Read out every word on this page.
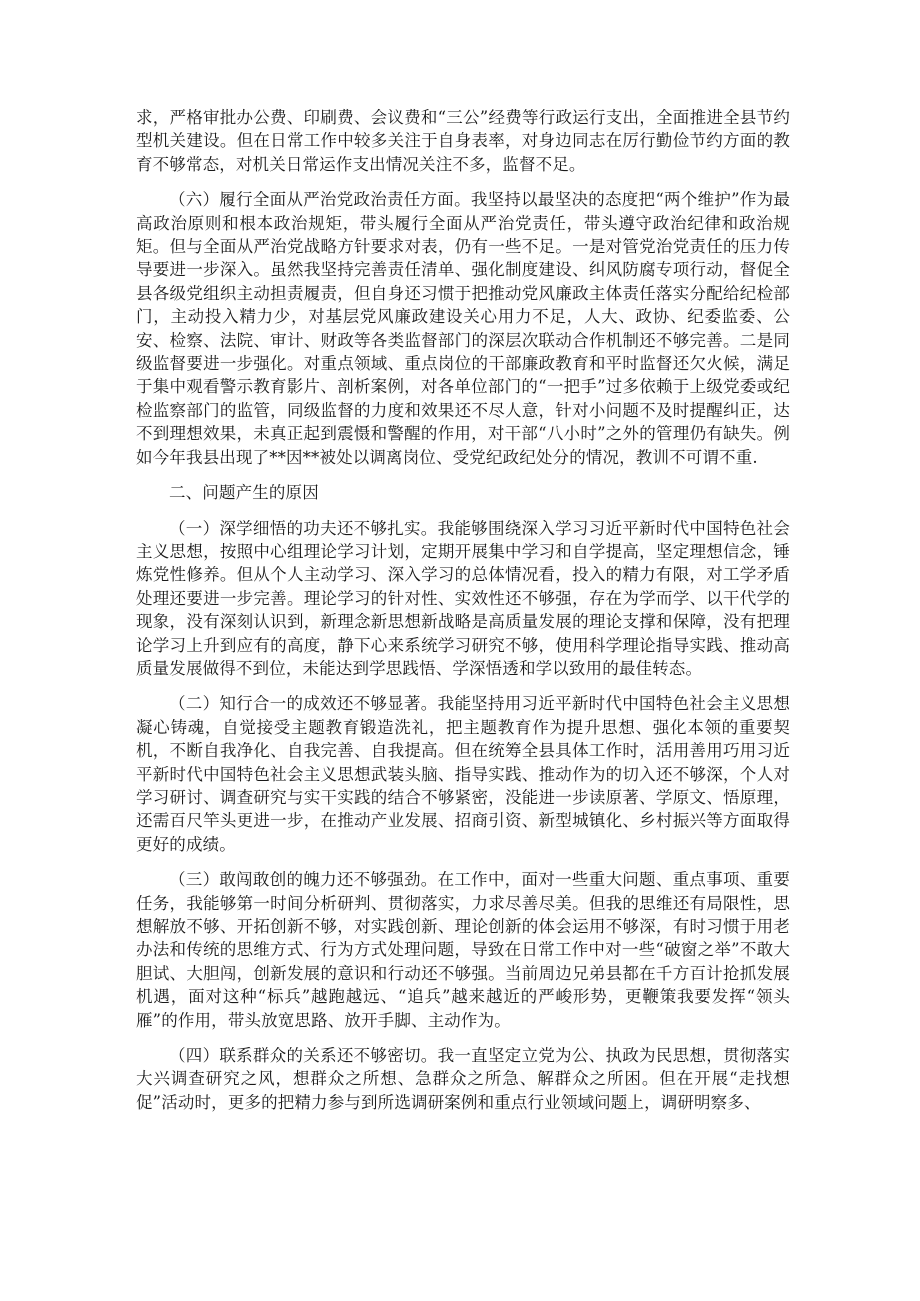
求，严格审批办公费、印刷费、会议费和“三公”经费等行政运行支出，全面推进全县节约型机关建设。但在日常工作中较多关注于自身表率，对身边同志在厉行勤俭节约方面的教育不够常态，对机关日常运作支出情况关注不多，监督不足。

（六）履行全面从严治党政治责任方面。我坚持以最坚决的态度把“两个维护”作为最高政治原则和根本政治规矩，带头履行全面从严治党责任，带头遵守政治纪律和政治规矩。但与全面从严治党战略方针要求对表，仍有一些不足。一是对管党治党责任的压力传导要进一步深入。虽然我坚持完善责任清单、强化制度建设、纠风防腐专项行动，督促全县各级党组织主动担责履责，但自身还习惯于把推动党风廉政主体责任落实分配给纪检部门，主动投入精力少，对基层党风廉政建设关心用力不足，人大、政协、纪委监委、公安、检察、法院、审计、财政等各类监督部门的深层次联动合作机制还不够完善。二是同级监督要进一步强化。对重点领域、重点岗位的干部廉政教育和平时监督还欠火候，满足于集中观看警示教育影片、剖析案例，对各单位部门的“一把手”过多依赖于上级党委或纪检监察部门的监管，同级监督的力度和效果还不尽人意，针对小问题不及时提醒纠正，达不到理想效果，未真正起到震慑和警醒的作用，对干部“八小时”之外的管理仍有缺失。例如今年我县出现了**因**被处以调离岗位、受党纪政纪处分的情况，教训不可谓不重.

二、问题产生的原因

（一）深学细悟的功夫还不够扎实。我能够围绕深入学习习近平新时代中国特色社会主义思想，按照中心组理论学习计划，定期开展集中学习和自学提高，坚定理想信念，锤炼党性修养。但从个人主动学习、深入学习的总体情况看，投入的精力有限，对工学矛盾处理还要进一步完善。理论学习的针对性、实效性还不够强，存在为学而学、以干代学的现象，没有深刻认识到，新理念新思想新战略是高质量发展的理论支撑和保障，没有把理论学习上升到应有的高度，静下心来系统学习研究不够，使用科学理论指导实践、推动高质量发展做得不到位，未能达到学思践悟、学深悟透和学以致用的最佳转态。

（二）知行合一的成效还不够显著。我能坚持用习近平新时代中国特色社会主义思想凝心铸魂，自觉接受主题教育锻造洗礼，把主题教育作为提升思想、强化本领的重要契机，不断自我净化、自我完善、自我提高。但在统筹全县具体工作时，活用善用巧用习近平新时代中国特色社会主义思想武装头脑、指导实践、推动作为的切入还不够深，个人对学习研讨、调查研究与实干实践的结合不够紧密，没能进一步读原著、学原文、悟原理，还需百尺竿头更进一步，在推动产业发展、招商引资、新型城镇化、乡村振兴等方面取得更好的成绩。

（三）敢闯敢创的魄力还不够强劲。在工作中，面对一些重大问题、重点事项、重要任务，我能够第一时间分析研判、贯彻落实，力求尽善尽美。但我的思维还有局限性，思想解放不够、开拓创新不够，对实践创新、理论创新的体会运用不够深，有时习惯于用老办法和传统的思维方式、行为方式处理问题，导致在日常工作中对一些“破窗之举”不敢大胆试、大胆闯，创新发展的意识和行动还不够强。当前周边兄弟县都在千方百计抢抓发展机遇，面对这种“标兵”越跑越远、“追兵”越来越近的严峻形势，更鞭策我要发挥“领头雁”的作用，带头放宽思路、放开手脚、主动作为。

（四）联系群众的关系还不够密切。我一直坚定立党为公、执政为民思想，贯彻落实大兴调查研究之风，想群众之所想、急群众之所急、解群众之所困。但在开展“走找想促”活动时，更多的把精力参与到所选调研案例和重点行业领域问题上，调研明察多、
